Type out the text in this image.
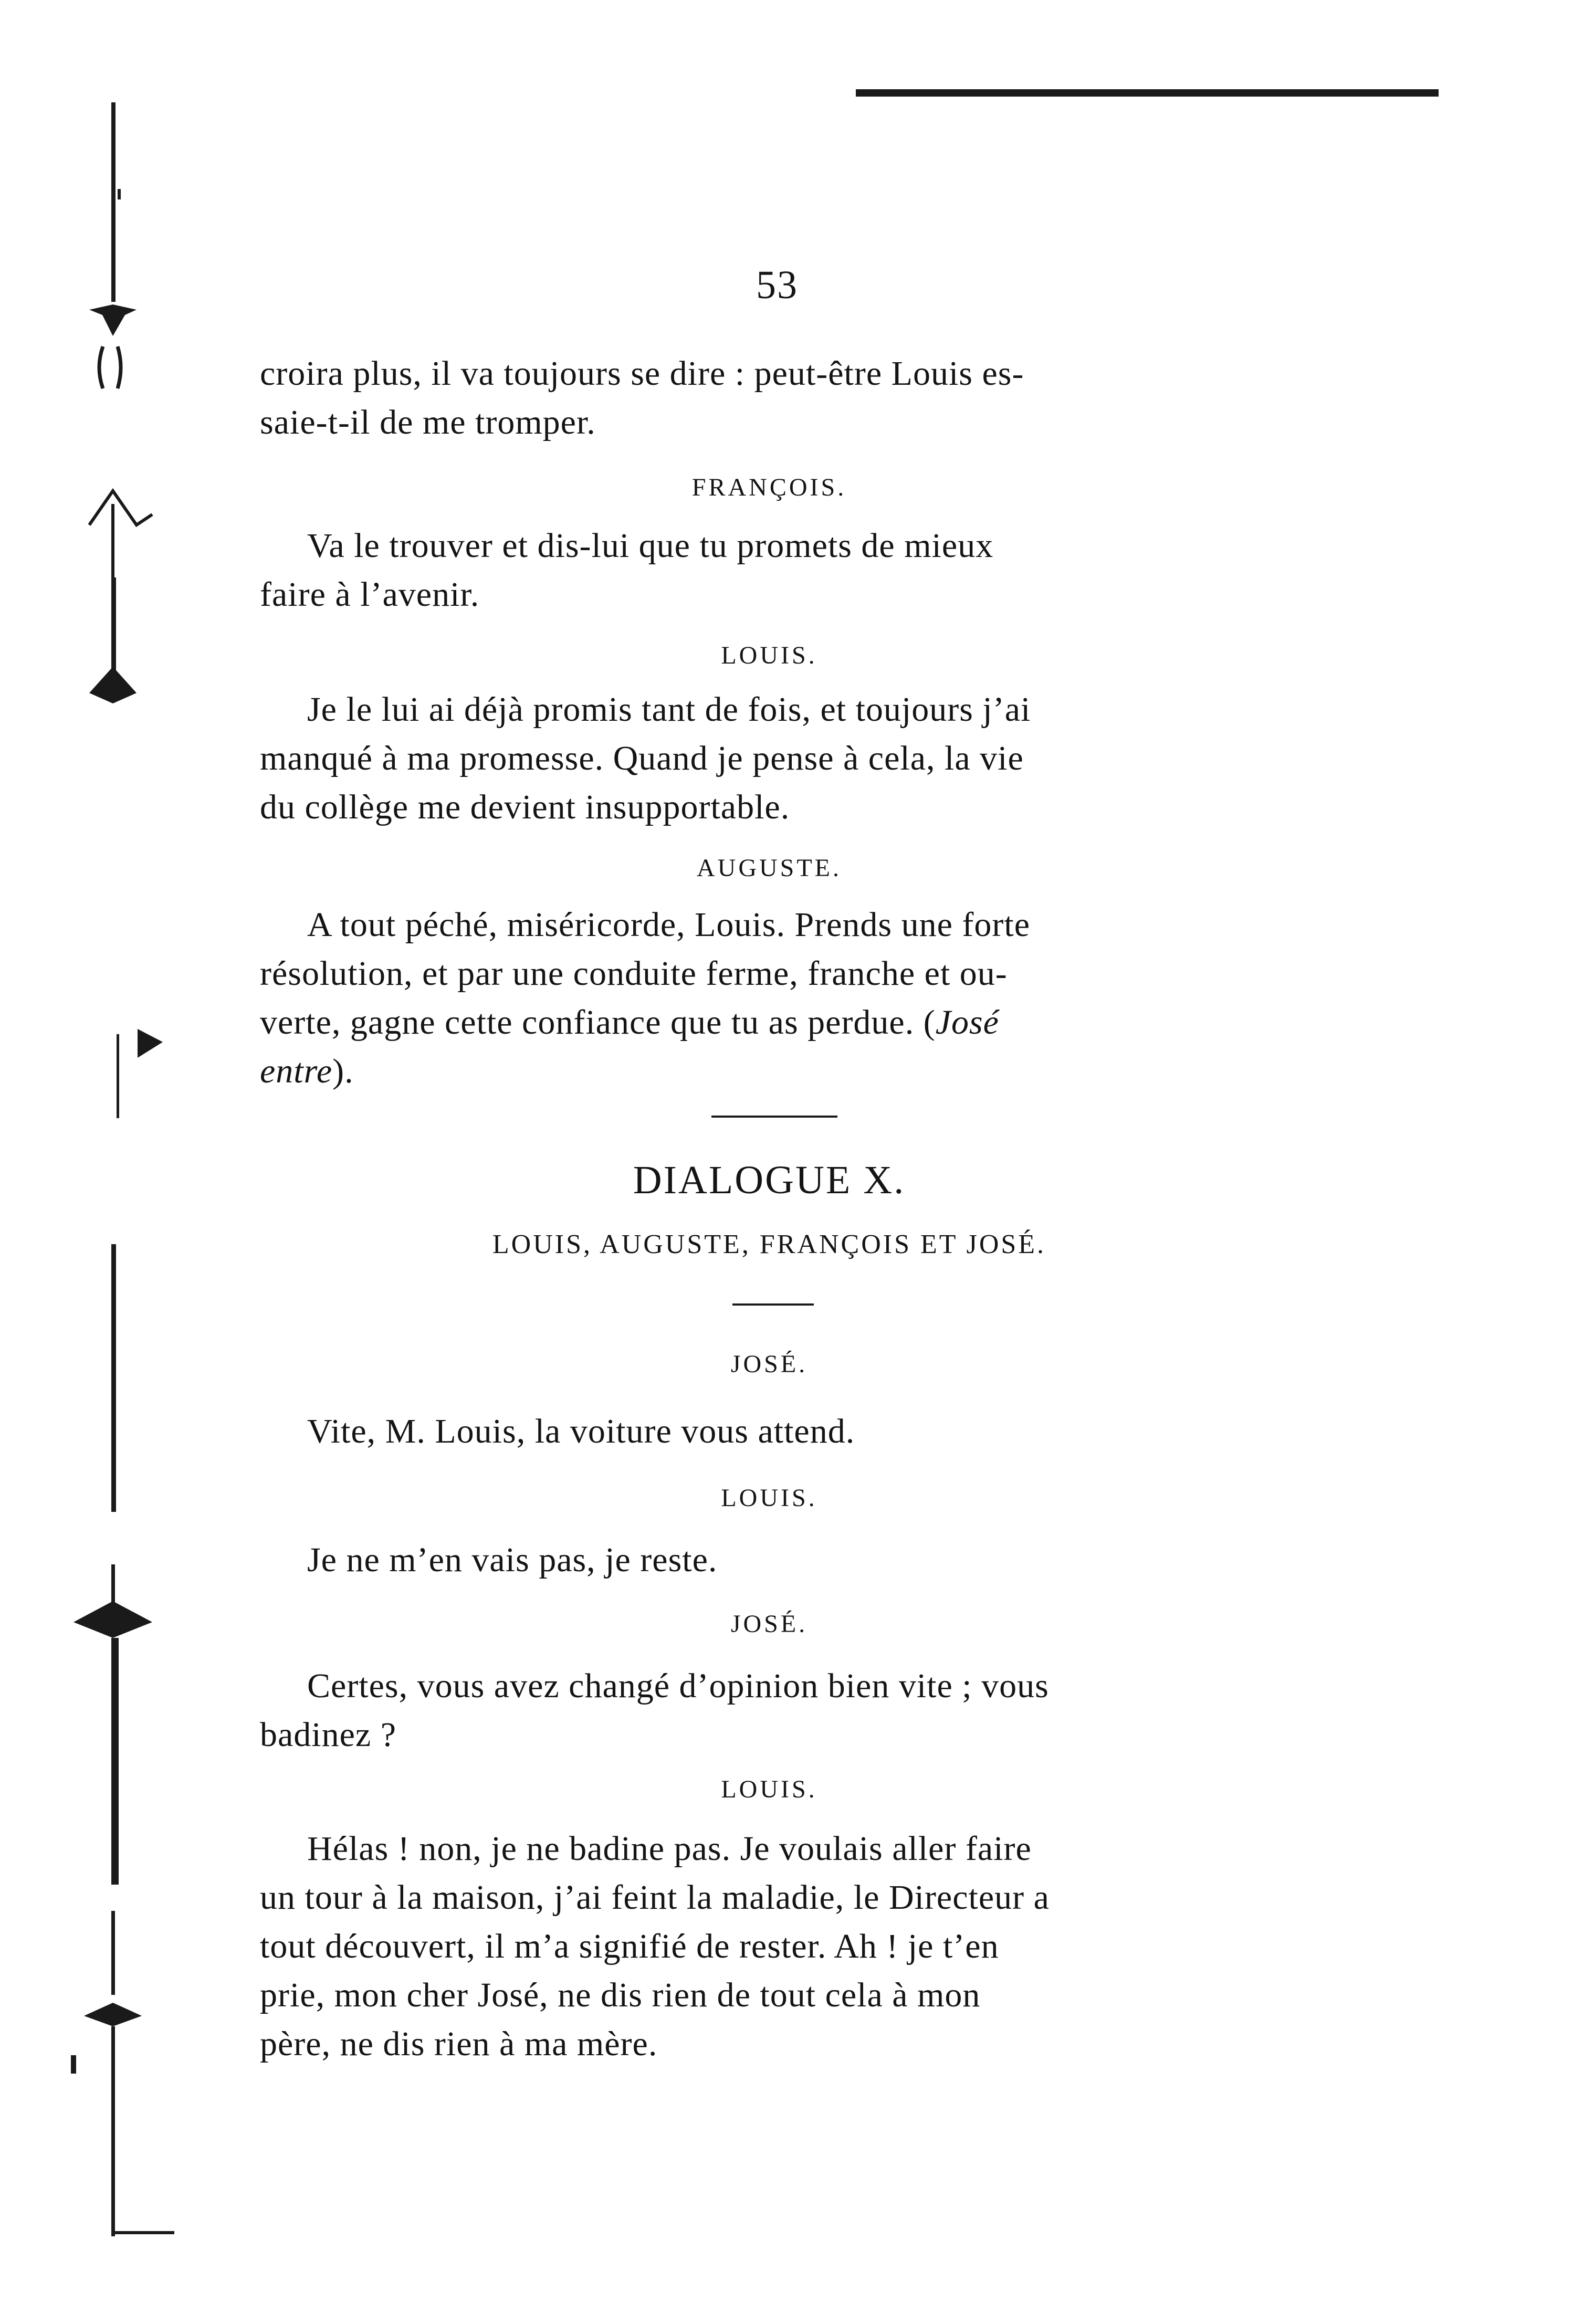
53
croira plus, il va toujours se dire : peut-être Louis es-
saie-t-il de me tromper.
FRANÇOIS.
Va le trouver et dis-lui que tu promets de mieux
faire à l’avenir.
LOUIS.
Je le lui ai déjà promis tant de fois, et toujours j’ai
manqué à ma promesse. Quand je pense à cela, la vie
du collège me devient insupportable.
AUGUSTE.
A tout péché, miséricorde, Louis. Prends une forte
résolution, et par une conduite ferme, franche et ou-
verte, gagne cette confiance que tu as perdue. (José
entre).
DIALOGUE X.
LOUIS, AUGUSTE, FRANÇOIS ET JOSÉ.
JOSÉ.
Vite, M. Louis, la voiture vous attend.
LOUIS.
Je ne m’en vais pas, je reste.
JOSÉ.
Certes, vous avez changé d’opinion bien vite ; vous
badinez ?
LOUIS.
Hélas ! non, je ne badine pas. Je voulais aller faire
un tour à la maison, j’ai feint la maladie, le Directeur a
tout découvert, il m’a signifié de rester. Ah ! je t’en
prie, mon cher José, ne dis rien de tout cela à mon
père, ne dis rien à ma mère.
